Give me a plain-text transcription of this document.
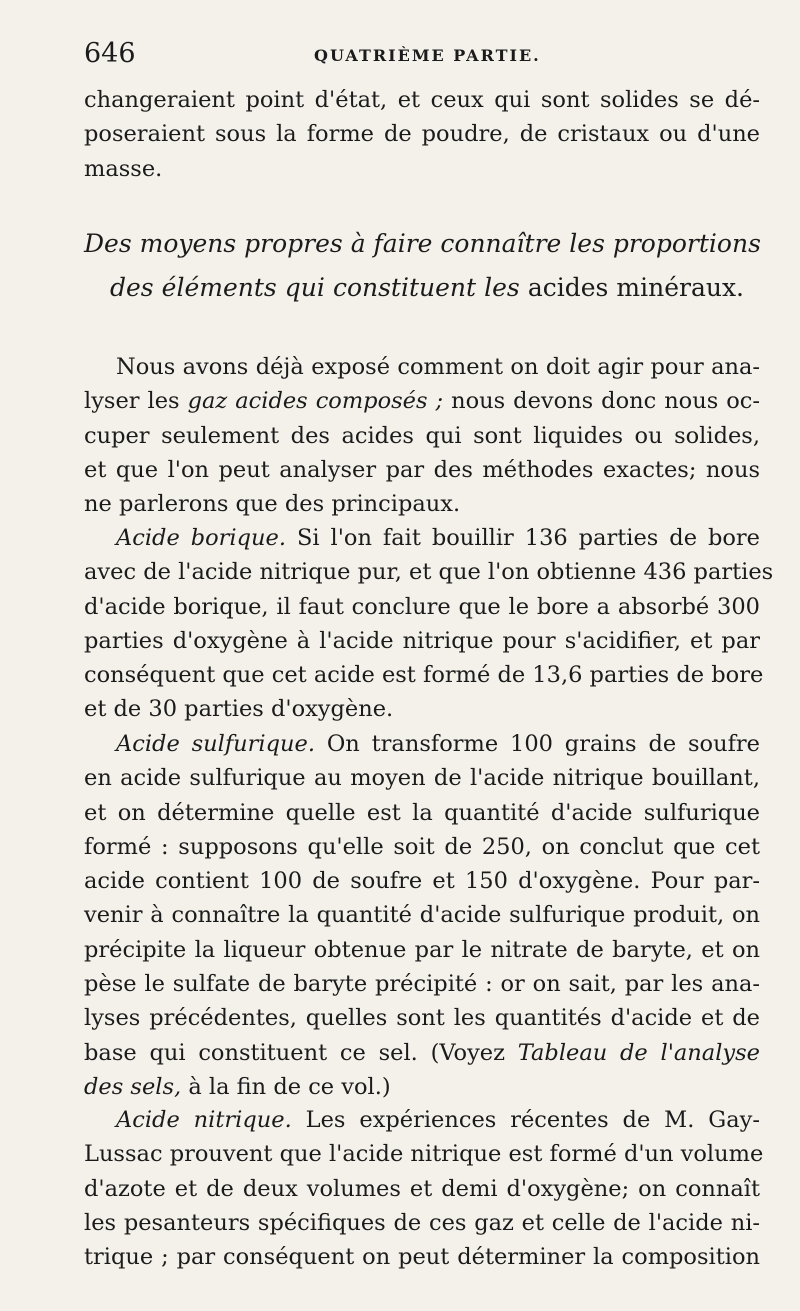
646	QUATRIÈME PARTIE.
changeraient point d'état, et ceux qui sont solides se dé-
poseraient sous la forme de poudre, de cristaux ou d'une
masse.
Des moyens propres à faire connaître les proportions
des éléments qui constituent les acides minéraux.
Nous avons déjà exposé comment on doit agir pour ana-
lyser les gaz acides composés ; nous devons donc nous oc-
cuper seulement des acides qui sont liquides ou solides,
et que l'on peut analyser par des méthodes exactes; nous
ne parlerons que des principaux.
Acide borique. Si l'on fait bouillir 136 parties de bore
avec de l'acide nitrique pur, et que l'on obtienne 436 parties
d'acide borique, il faut conclure que le bore a absorbé 300
parties d'oxygène à l'acide nitrique pour s'acidifier, et par
conséquent que cet acide est formé de 13,6 parties de bore
et de 30 parties d'oxygène.
Acide sulfurique. On transforme 100 grains de soufre
en acide sulfurique au moyen de l'acide nitrique bouillant,
et on détermine quelle est la quantité d'acide sulfurique
formé : supposons qu'elle soit de 250, on conclut que cet
acide contient 100 de soufre et 150 d'oxygène. Pour par-
venir à connaître la quantité d'acide sulfurique produit, on
précipite la liqueur obtenue par le nitrate de baryte, et on
pèse le sulfate de baryte précipité : or on sait, par les ana-
lyses précédentes, quelles sont les quantités d'acide et de
base qui constituent ce sel. (Voyez Tableau de l'analyse
des sels, à la fin de ce vol.)
Acide nitrique. Les expériences récentes de M. Gay-
Lussac prouvent que l'acide nitrique est formé d'un volume
d'azote et de deux volumes et demi d'oxygène; on connaît
les pesanteurs spécifiques de ces gaz et celle de l'acide ni-
trique ; par conséquent on peut déterminer la composition
